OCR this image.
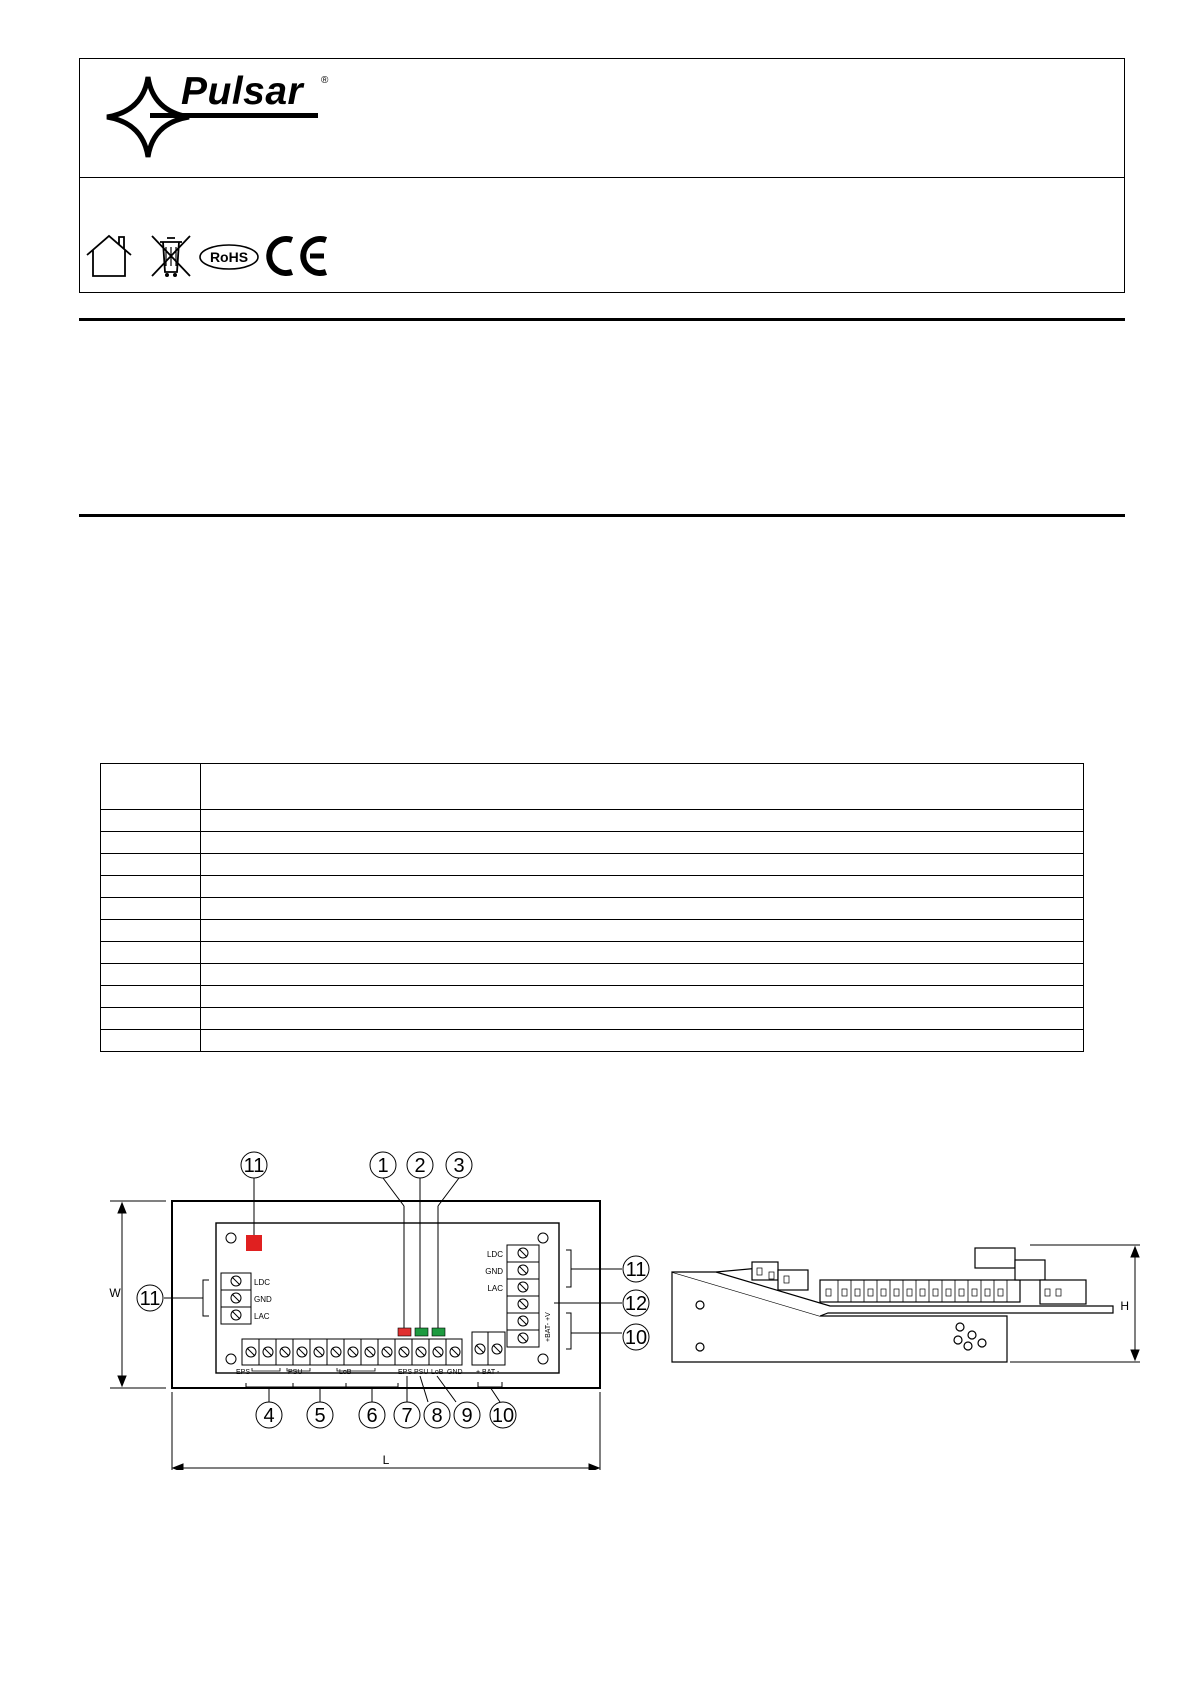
Pulsar ®
RoHS

LDC
GND
LAC
LDC
GND
LAC
+BAT- +V
EPS	PSU	LoB	EPS PSU LoB GND + BAT -
W
L
11	1 2 3
11
11
12
10
4 5 6 7 8 9 10
H
